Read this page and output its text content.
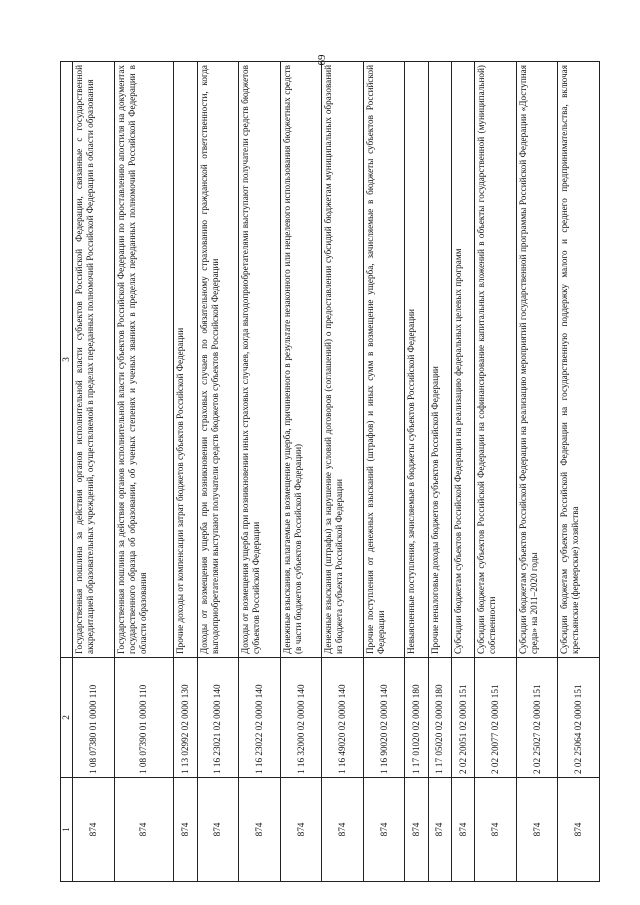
69
1	2	3
874	1 08 07380 01 0000 110	Государственная пошлина за действия органов исполнительной власти субъектов Российской Федерации, связанные с государственной аккредитацией образовательных учреждений, осуществляемой в пределах переданных полномочий Российской Федерации в области образования
874	1 08 07390 01 0000 110	Государственная пошлина за действия органов исполнительной власти субъектов Российской Федерации по проставлению апостиля на документах государственного образца об образовании, об ученых степенях и ученых званиях в пределах переданных полномочий Российской Федерации в области образования
874	1 13 02992 02 0000 130	Прочие доходы от компенсации затрат бюджетов субъектов Российской Федерации
874	1 16 23021 02 0000 140	Доходы от возмещения ущерба при возникновении страховых случаев по обязательному страхованию гражданской ответственности, когда выгодоприобретателями выступают получатели средств бюджетов субъектов Российской Федерации
874	1 16 23022 02 0000 140	Доходы от возмещения ущерба при возникновении иных страховых случаев, когда выгодоприобретателями выступают получатели средств бюджетов субъектов Российской Федерации
874	1 16 32000 02 0000 140	Денежные взыскания, налагаемые в возмещение ущерба, причиненного в результате незаконного или нецелевого использования бюджетных средств (в части бюджетов субъектов Российской Федерации)
874	1 16 49020 02 0000 140	Денежные взыскания (штрафы) за нарушение условий договоров (соглашений) о предоставлении субсидий бюджетам муниципальных образований из бюджета субъекта Российской Федерации
874	1 16 90020 02 0000 140	Прочие поступления от денежных взысканий (штрафов) и иных сумм в возмещение ущерба, зачисляемые в бюджеты субъектов Российской Федерации
874	1 17 01020 02 0000 180	Невыясненные поступления, зачисляемые в бюджеты субъектов Российской Федерации
874	1 17 05020 02 0000 180	Прочие неналоговые доходы бюджетов субъектов Российской Федерации
874	2 02 20051 02 0000 151	Субсидии бюджетам субъектов Российской Федерации на реализацию федеральных целевых программ
874	2 02 20077 02 0000 151	Субсидии бюджетам субъектов Российской Федерации на софинансирование капитальных вложений в объекты государственной (муниципальной) собственности
874	2 02 25027 02 0000 151	Субсидии бюджетам субъектов Российской Федерации на реализацию мероприятий государственной программы Российской Федерации «Доступная среда» на 2011–2020 годы
874	2 02 25064 02 0000 151	Субсидии бюджетам субъектов Российской Федерации на государственную поддержку малого и среднего предпринимательства, включая крестьянские (фермерские) хозяйства
